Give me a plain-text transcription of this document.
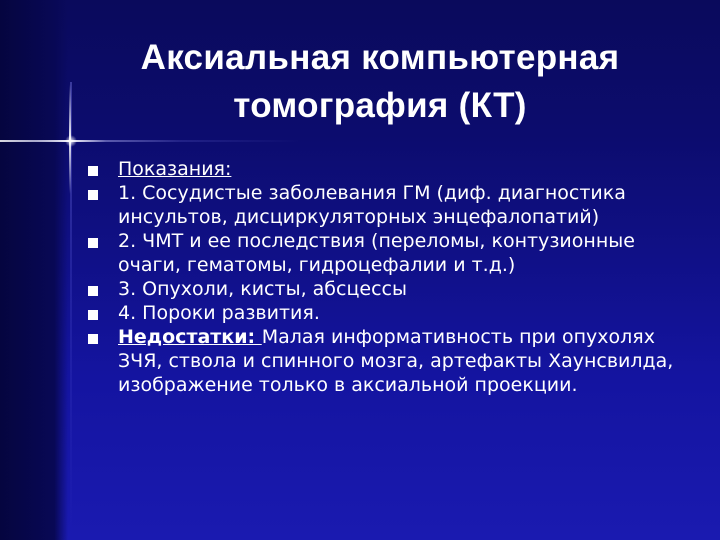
Аксиальная компьютерная
томография (КТ)
Показания:
1. Сосудистые заболевания ГМ (диф. диагностика инсультов, дисциркуляторных энцефалопатий)
2. ЧМТ и ее последствия (переломы, контузионные очаги, гематомы, гидроцефалии и т.д.)
3. Опухоли, кисты, абсцессы
4. Пороки развития.
Недостатки: Малая информативность при опухолях ЗЧЯ, ствола и спинного мозга, артефакты Хаунсвилда, изображение только в аксиальной проекции.
